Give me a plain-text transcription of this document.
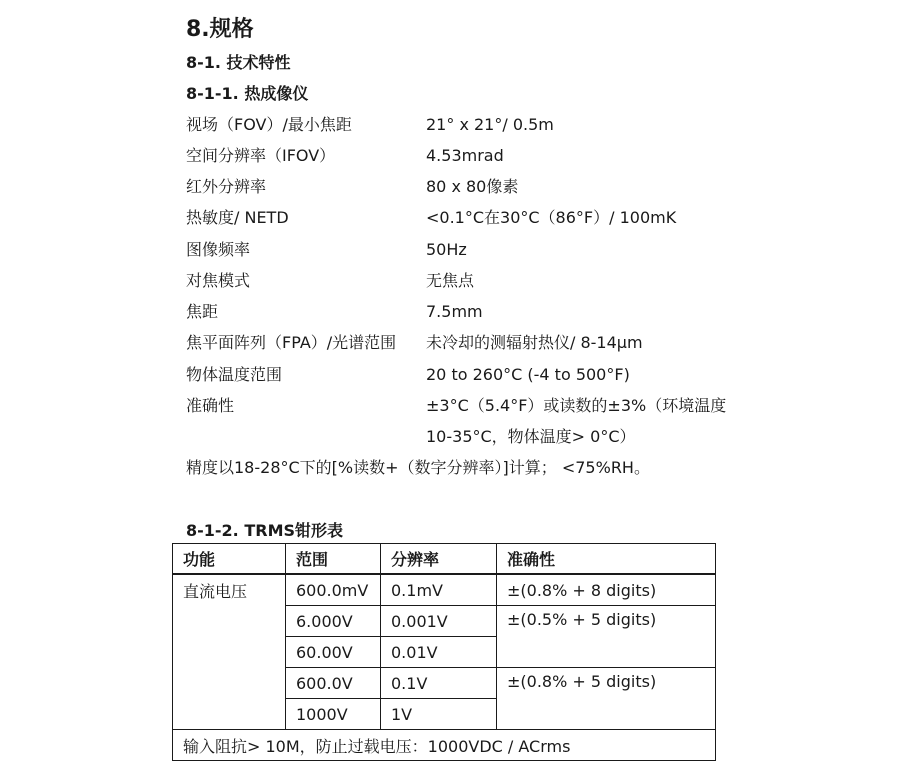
8.规格
8-1. 技术特性
8-1-1. 热成像仪
视场（FOV）/最小焦距	21° x 21°/ 0.5m
空间分辨率（IFOV）	4.53mrad
红外分辨率	80 x 80像素
热敏度/ NETD	<0.1°C在30°C（86°F）/ 100mK
图像频率	50Hz
对焦模式	无焦点
焦距	7.5mm
焦平面阵列（FPA）/光谱范围 未冷却的测辐射热仪/ 8-14μm
物体温度范围	20 to 260°C (-4 to 500°F)
准确性	±3°C（5.4°F）或读数的±3%（环境温度
10-35°C，物体温度> 0°C）
精度以18-28°C下的[%读数+（数字分辨率）]计算； <75%RH。
8-1-2. TRMS钳形表
功能	范围	分辨率	准确性
直流电压	600.0mV	0.1mV	±(0.8% + 8 digits)
	6.000V	0.001V	±(0.5% + 5 digits)
	60.00V	0.01V	
	600.0V	0.1V	±(0.8% + 5 digits)
	1000V	1V	
输入阻抗> 10M，防止过载电压：1000VDC / ACrms			
